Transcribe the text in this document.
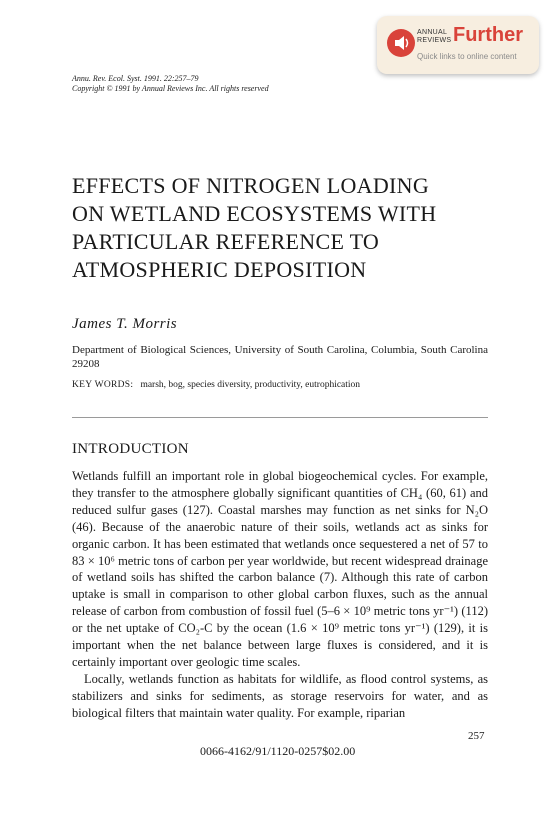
ANNUAL
REVIEWS Further
Quick links to online content
Annu. Rev. Ecol. Syst. 1991. 22:257–79
Copyright © 1991 by Annual Reviews Inc. All rights reserved
EFFECTS OF NITROGEN LOADING
ON WETLAND ECOSYSTEMS WITH
PARTICULAR REFERENCE TO
ATMOSPHERIC DEPOSITION
James T. Morris
Department of Biological Sciences, University of South Carolina, Columbia, South Carolina 29208
KEY WORDS: marsh, bog, species diversity, productivity, eutrophication
INTRODUCTION

Wetlands fulfill an important role in global biogeochemical cycles. For example, they transfer to the atmosphere globally significant quantities of CH₄ (60, 61) and reduced sulfur gases (127). Coastal marshes may function as net sinks for N₂O (46). Because of the anaerobic nature of their soils, wetlands act as sinks for organic carbon. It has been estimated that wetlands once sequestered a net of 57 to 83 × 10⁶ metric tons of carbon per year worldwide, but recent widespread drainage of wetland soils has shifted the carbon balance (7). Although this rate of carbon uptake is small in comparison to other global carbon fluxes, such as the annual release of carbon from combustion of fossil fuel (5–6 × 10⁹ metric tons yr⁻¹) (112) or the net uptake of CO₂-C by the ocean (1.6 × 10⁹ metric tons yr⁻¹) (129), it is important when the net balance between large fluxes is considered, and it is certainly important over geologic time scales.

Locally, wetlands function as habitats for wildlife, as flood control systems, as stabilizers and sinks for sediments, as storage reservoirs for water, and as biological filters that maintain water quality. For example, riparian

257
0066-4162/91/1120-0257$02.00
